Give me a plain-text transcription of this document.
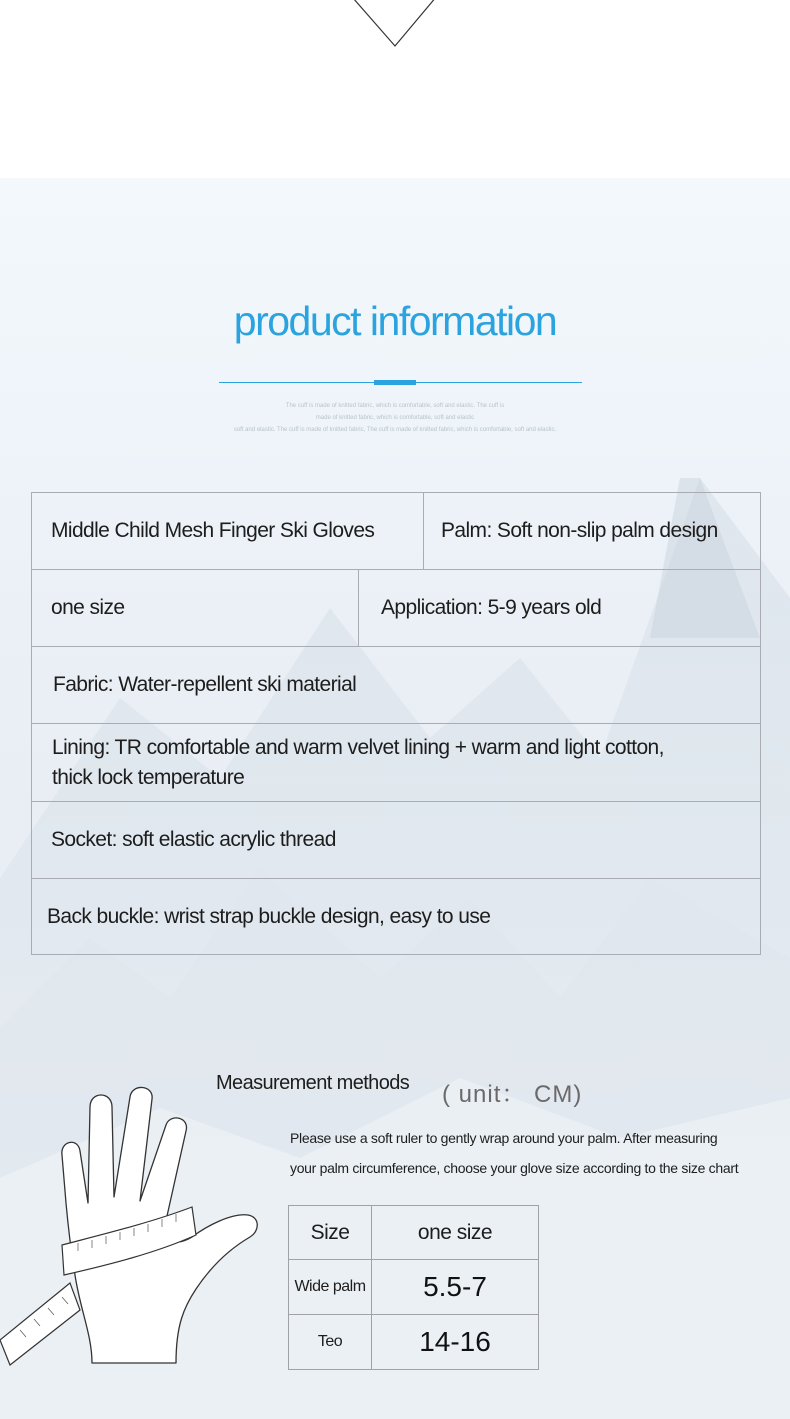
product information

The cuff is made of knitted fabric, which is comfortable, soft and elastic. The cuff is

made of knitted fabric, which is comfortable, soft and elastic

soft and elastic. The cuff is made of knitted fabric, The cuff is made of knitted fabric, which is comfortable, soft and elastic.

Middle Child Mesh Finger Ski Gloves	Palm: Soft non-slip palm design
one size	Application: 5-9 years old
Fabric: Water-repellent ski material
Lining: TR comfortable and warm velvet lining + warm and light cotton,
thick lock temperature
Socket: soft elastic acrylic thread
Back buckle: wrist strap buckle design, easy to use
Measurement methods ( unit： CM)
Please use a soft ruler to gently wrap around your palm. After measuring
your palm circumference, choose your glove size according to the size chart
Size	one size
Wide palm	5.5-7
Teo	14-16
